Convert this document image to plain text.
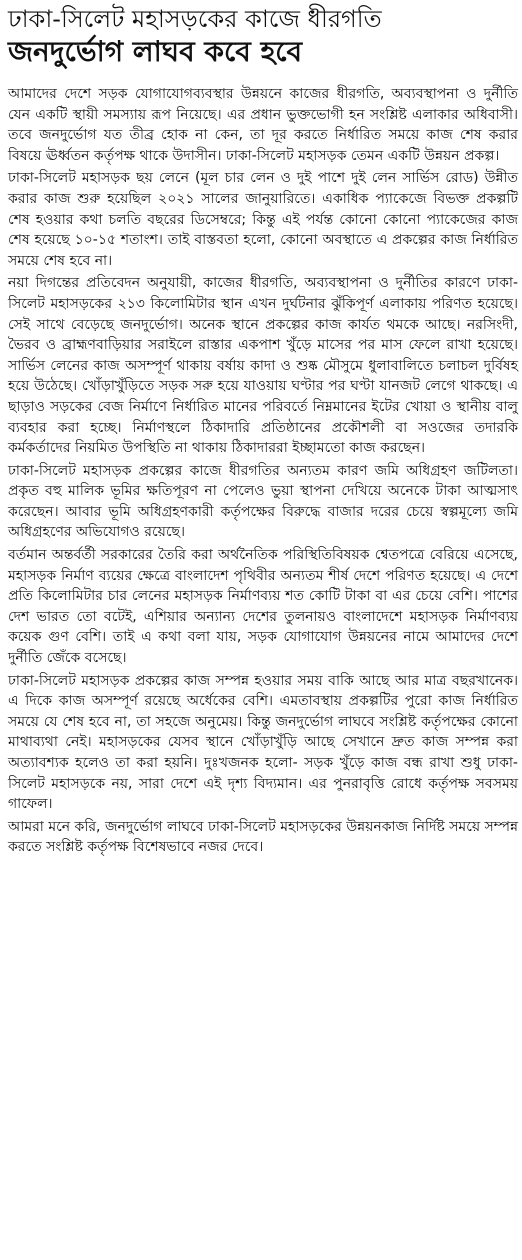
ঢাকা-সিলেট মহাসড়কের কাজে ধীরগতি
জনদুর্ভোগ লাঘব কবে হবে

আমাদের দেশে সড়ক যোগাযোগব্যবস্থার উন্নয়নে কাজের ধীরগতি, অব্যবস্থাপনা ও দুর্নীতি যেন একটি স্থায়ী সমস্যায় রূপ নিয়েছে। এর প্রধান ভুক্তভোগী হন সংশ্লিষ্ট এলাকার অধিবাসী। তবে জনদুর্ভোগ যত তীব্র হোক না কেন, তা দূর করতে নির্ধারিত সময়ে কাজ শেষ করার বিষয়ে ঊর্ধ্বতন কর্তৃপক্ষ থাকে উদাসীন। ঢাকা-সিলেট মহাসড়ক তেমন একটি উন্নয়ন প্রকল্প।

ঢাকা-সিলেট মহাসড়ক ছয় লেনে (মূল চার লেন ও দুই পাশে দুই লেন সার্ভিস রোড) উন্নীত করার কাজ শুরু হয়েছিল ২০২১ সালের জানুয়ারিতে। একাধিক প্যাকেজে বিভক্ত প্রকল্পটি শেষ হওয়ার কথা চলতি বছরের ডিসেম্বরে; কিন্তু এই পর্যন্ত কোনো কোনো প্যাকেজের কাজ শেষ হয়েছে ১০-১৫ শতাংশ। তাই বাস্তবতা হলো, কোনো অবস্থাতে এ প্রকল্পের কাজ নির্ধারিত সময়ে শেষ হবে না।

নয়া দিগন্তের প্রতিবেদন অনুযায়ী, কাজের ধীরগতি, অব্যবস্থাপনা ও দুর্নীতির কারণে ঢাকা-সিলেট মহাসড়কের ২১৩ কিলোমিটার স্থান এখন দুর্ঘটনার ঝুঁকিপূর্ণ এলাকায় পরিণত হয়েছে। সেই সাথে বেড়েছে জনদুর্ভোগ। অনেক স্থানে প্রকল্পের কাজ কার্যত থমকে আছে। নরসিংদী, ভৈরব ও ব্রাহ্মণবাড়িয়ার সরাইলে রাস্তার একপাশ খুঁড়ে মাসের পর মাস ফেলে রাখা হয়েছে। সার্ভিস লেনের কাজ অসম্পূর্ণ থাকায় বর্ষায় কাদা ও শুষ্ক মৌসুমে ধুলাবালিতে চলাচল দুর্বিষহ হয়ে উঠেছে। খোঁড়াখুঁড়িতে সড়ক সরু হয়ে যাওয়ায় ঘণ্টার পর ঘণ্টা যানজট লেগে থাকছে। এ ছাড়াও সড়কের বেজ নির্মাণে নির্ধারিত মানের পরিবর্তে নিম্নমানের ইটের খোয়া ও স্থানীয় বালু ব্যবহার করা হচ্ছে। নির্মাণস্থলে ঠিকাদারি প্রতিষ্ঠানের প্রকৌশলী বা সওজের তদারকি কর্মকর্তাদের নিয়মিত উপস্থিতি না থাকায় ঠিকাদাররা ইচ্ছামতো কাজ করছেন।

ঢাকা-সিলেট মহাসড়ক প্রকল্পের কাজে ধীরগতির অন্যতম কারণ জমি অধিগ্রহণ জটিলতা। প্রকৃত বহু মালিক ভূমির ক্ষতিপূরণ না পেলেও ভুয়া স্থাপনা দেখিয়ে অনেকে টাকা আত্মসাৎ করেছেন। আবার ভূমি অধিগ্রহণকারী কর্তৃপক্ষের বিরুদ্ধে বাজার দরের চেয়ে স্বল্পমূল্যে জমি অধিগ্রহণের অভিযোগও রয়েছে।

বর্তমান অন্তর্বর্তী সরকারের তৈরি করা অর্থনৈতিক পরিস্থিতিবিষয়ক শ্বেতপত্রে বেরিয়ে এসেছে, মহাসড়ক নির্মাণ ব্যয়ের ক্ষেত্রে বাংলাদেশ পৃথিবীর অন্যতম শীর্ষ দেশে পরিণত হয়েছে। এ দেশে প্রতি কিলোমিটার চার লেনের মহাসড়ক নির্মাণব্যয় শত কোটি টাকা বা এর চেয়ে বেশি। পাশের দেশ ভারত তো বটেই, এশিয়ার অন্যান্য দেশের তুলনায়ও বাংলাদেশে মহাসড়ক নির্মাণব্যয় কয়েক গুণ বেশি। তাই এ কথা বলা যায়, সড়ক যোগাযোগ উন্নয়নের নামে আমাদের দেশে দুর্নীতি জেঁকে বসেছে।

ঢাকা-সিলেট মহাসড়ক প্রকল্পের কাজ সম্পন্ন হওয়ার সময় বাকি আছে আর মাত্র বছরখানেক। এ দিকে কাজ অসম্পূর্ণ রয়েছে অর্ধেকের বেশি। এমতাবস্থায় প্রকল্পটির পুরো কাজ নির্ধারিত সময়ে যে শেষ হবে না, তা সহজে অনুমেয়। কিন্তু জনদুর্ভোগ লাঘবে সংশ্লিষ্ট কর্তৃপক্ষের কোনো মাথাব্যথা নেই। মহাসড়কের যেসব স্থানে খোঁড়াখুঁড়ি আছে সেখানে দ্রুত কাজ সম্পন্ন করা অত্যাবশ্যক হলেও তা করা হয়নি। দুঃখজনক হলো- সড়ক খুঁড়ে কাজ বন্ধ রাখা শুধু ঢাকা-সিলেট মহাসড়কে নয়, সারা দেশে এই দৃশ্য বিদ্যমান। এর পুনরাবৃত্তি রোধে কর্তৃপক্ষ সবসময় গাফেল।

আমরা মনে করি, জনদুর্ভোগ লাঘবে ঢাকা-সিলেট মহাসড়কের উন্নয়নকাজ নির্দিষ্ট সময়ে সম্পন্ন করতে সংশ্লিষ্ট কর্তৃপক্ষ বিশেষভাবে নজর দেবে।
